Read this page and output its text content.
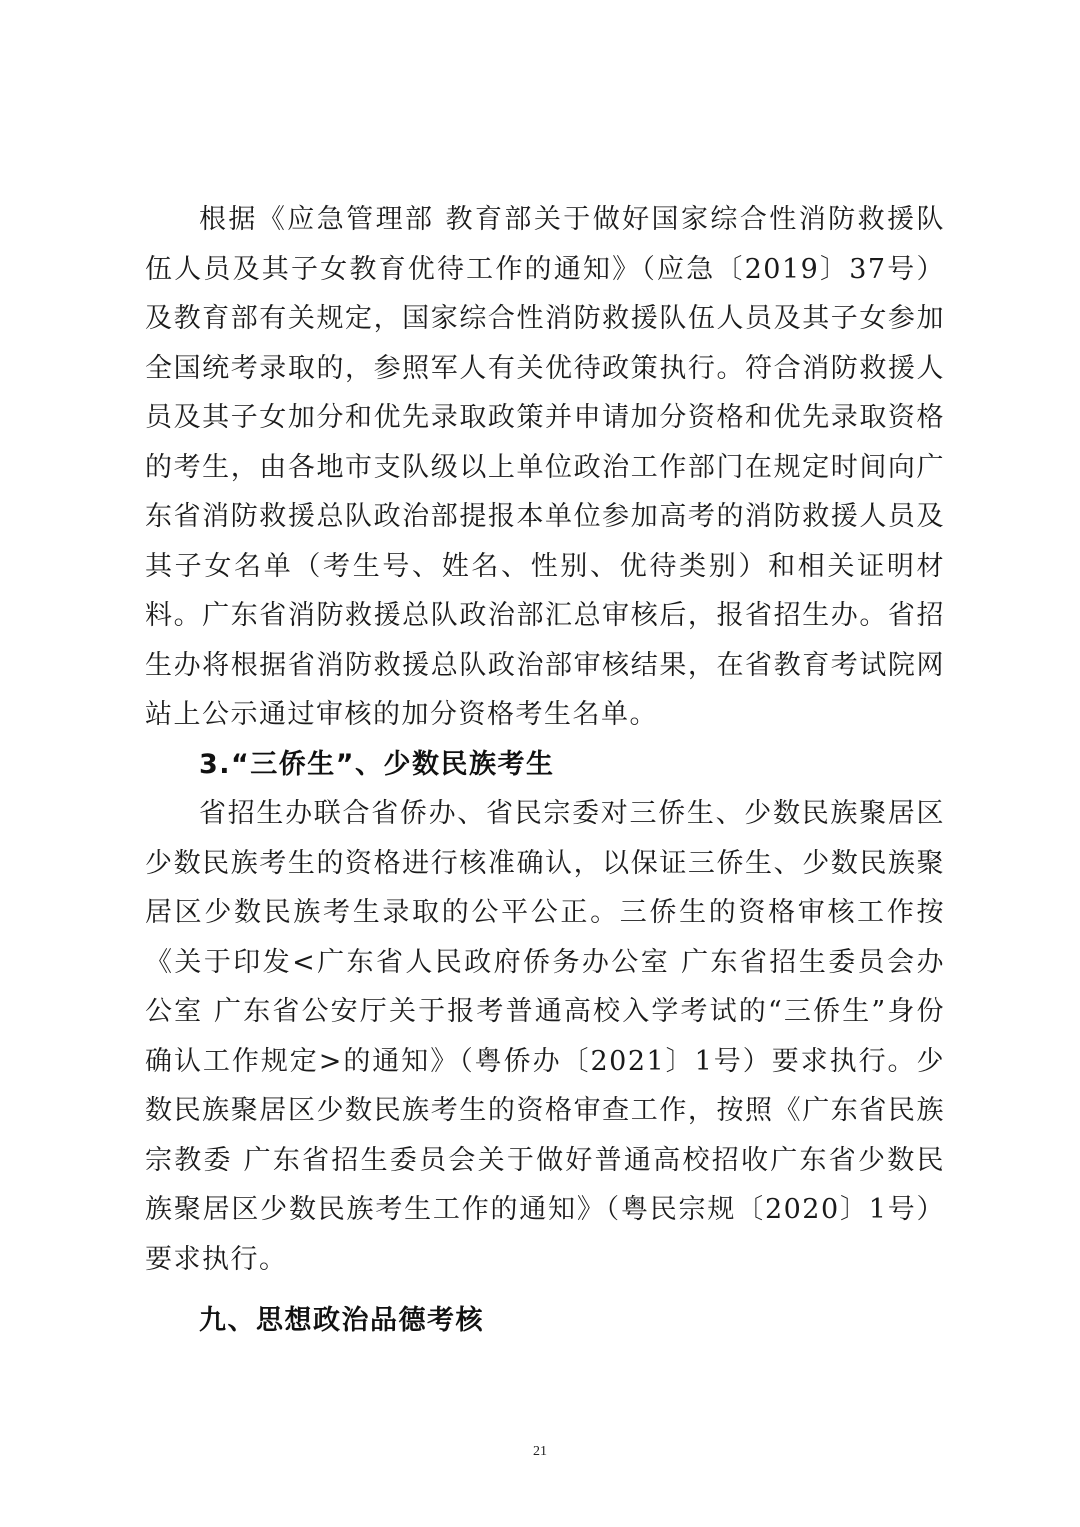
根据《应急管理部 教育部关于做好国家综合性消防救援队伍人员及其子女教育优待工作的通知》（应急〔2019〕37号）及教育部有关规定，国家综合性消防救援队伍人员及其子女参加全国统考录取的，参照军人有关优待政策执行。符合消防救援人员及其子女加分和优先录取政策并申请加分资格和优先录取资格的考生，由各地市支队级以上单位政治工作部门在规定时间向广东省消防救援总队政治部提报本单位参加高考的消防救援人员及其子女名单（考生号、姓名、性别、优待类别）和相关证明材料。广东省消防救援总队政治部汇总审核后，报省招生办。省招生办将根据省消防救援总队政治部审核结果，在省教育考试院网站上公示通过审核的加分资格考生名单。

3.“三侨生”、少数民族考生

省招生办联合省侨办、省民宗委对三侨生、少数民族聚居区少数民族考生的资格进行核准确认，以保证三侨生、少数民族聚居区少数民族考生录取的公平公正。三侨生的资格审核工作按《关于印发<广东省人民政府侨务办公室 广东省招生委员会办公室 广东省公安厅关于报考普通高校入学考试的“三侨生”身份确认工作规定>的通知》（粤侨办〔2021〕1号）要求执行。少数民族聚居区少数民族考生的资格审查工作，按照《广东省民族宗教委 广东省招生委员会关于做好普通高校招收广东省少数民族聚居区少数民族考生工作的通知》（粤民宗规〔2020〕1号）要求执行。

九、思想政治品德考核

21
